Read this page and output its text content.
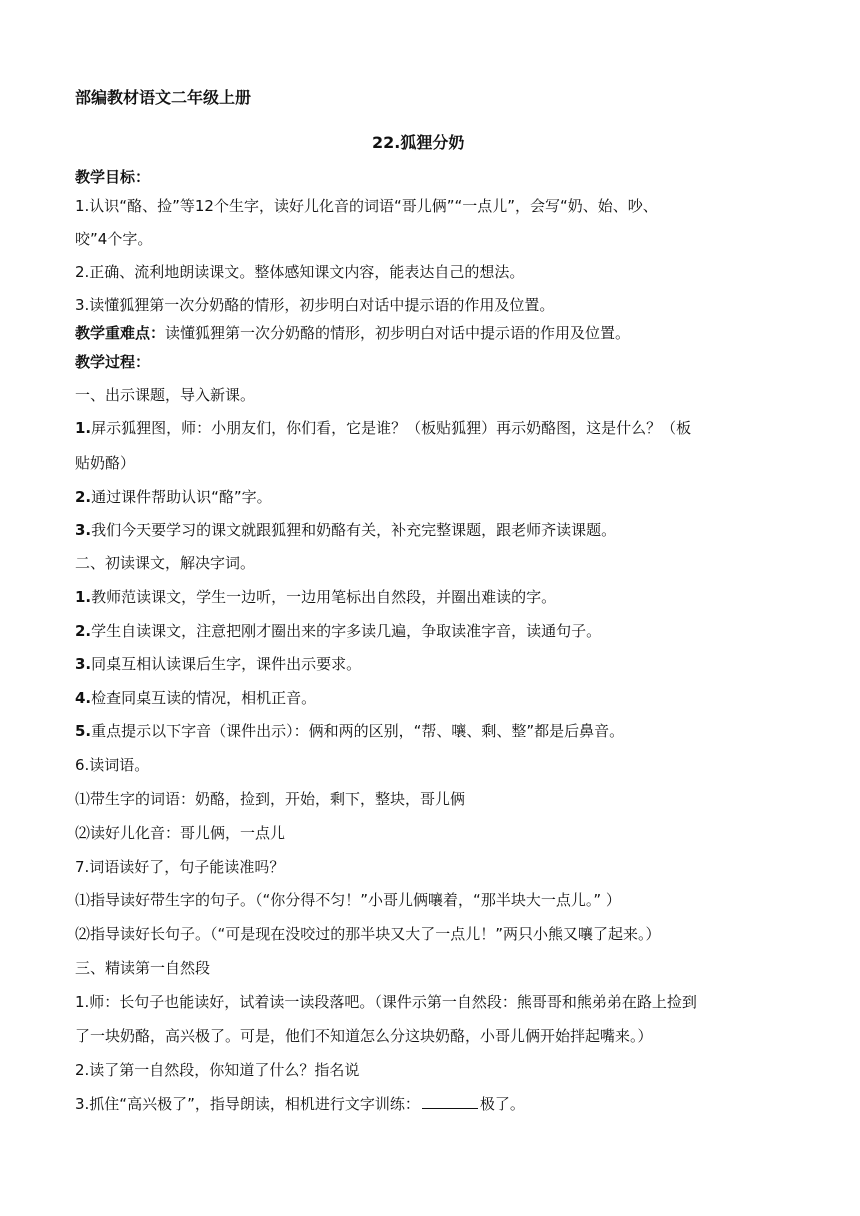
部编教材语文二年级上册
22.狐狸分奶
教学目标：
1.认识“酪、捡”等12个生字，读好儿化音的词语“哥儿俩”“一点儿”，会写“奶、始、吵、
咬”4个字。
2.正确、流利地朗读课文。整体感知课文内容，能表达自己的想法。
3.读懂狐狸第一次分奶酪的情形，初步明白对话中提示语的作用及位置。
教学重难点：读懂狐狸第一次分奶酪的情形，初步明白对话中提示语的作用及位置。
教学过程：
一、出示课题，导入新课。
1.屏示狐狸图，师：小朋友们，你们看，它是谁？（板贴狐狸）再示奶酪图，这是什么？（板
贴奶酪）
2.通过课件帮助认识“酪”字。
3.我们今天要学习的课文就跟狐狸和奶酪有关，补充完整课题，跟老师齐读课题。
二、初读课文，解决字词。
1.教师范读课文，学生一边听，一边用笔标出自然段，并圈出难读的字。
2.学生自读课文，注意把刚才圈出来的字多读几遍，争取读准字音，读通句子。
3.同桌互相认读课后生字，课件出示要求。
4.检查同桌互读的情况，相机正音。
5.重点提示以下字音（课件出示）：俩和两的区别，“帮、嚷、剩、整”都是后鼻音。
6.读词语。
⑴带生字的词语：奶酪，捡到，开始，剩下，整块，哥儿俩
⑵读好儿化音：哥儿俩，一点儿
7.词语读好了，句子能读准吗？
⑴指导读好带生字的句子。（“你分得不匀！”小哥儿俩嚷着，“那半块大一点儿。” ）
⑵指导读好长句子。（“可是现在没咬过的那半块又大了一点儿！”两只小熊又嚷了起来。）
三、精读第一自然段
1.师：长句子也能读好，试着读一读段落吧。（课件示第一自然段：熊哥哥和熊弟弟在路上捡到
了一块奶酪，高兴极了。可是，他们不知道怎么分这块奶酪，小哥儿俩开始拌起嘴来。）
2.读了第一自然段，你知道了什么？指名说
3.抓住“高兴极了”，指导朗读，相机进行文字训练：	极了。
